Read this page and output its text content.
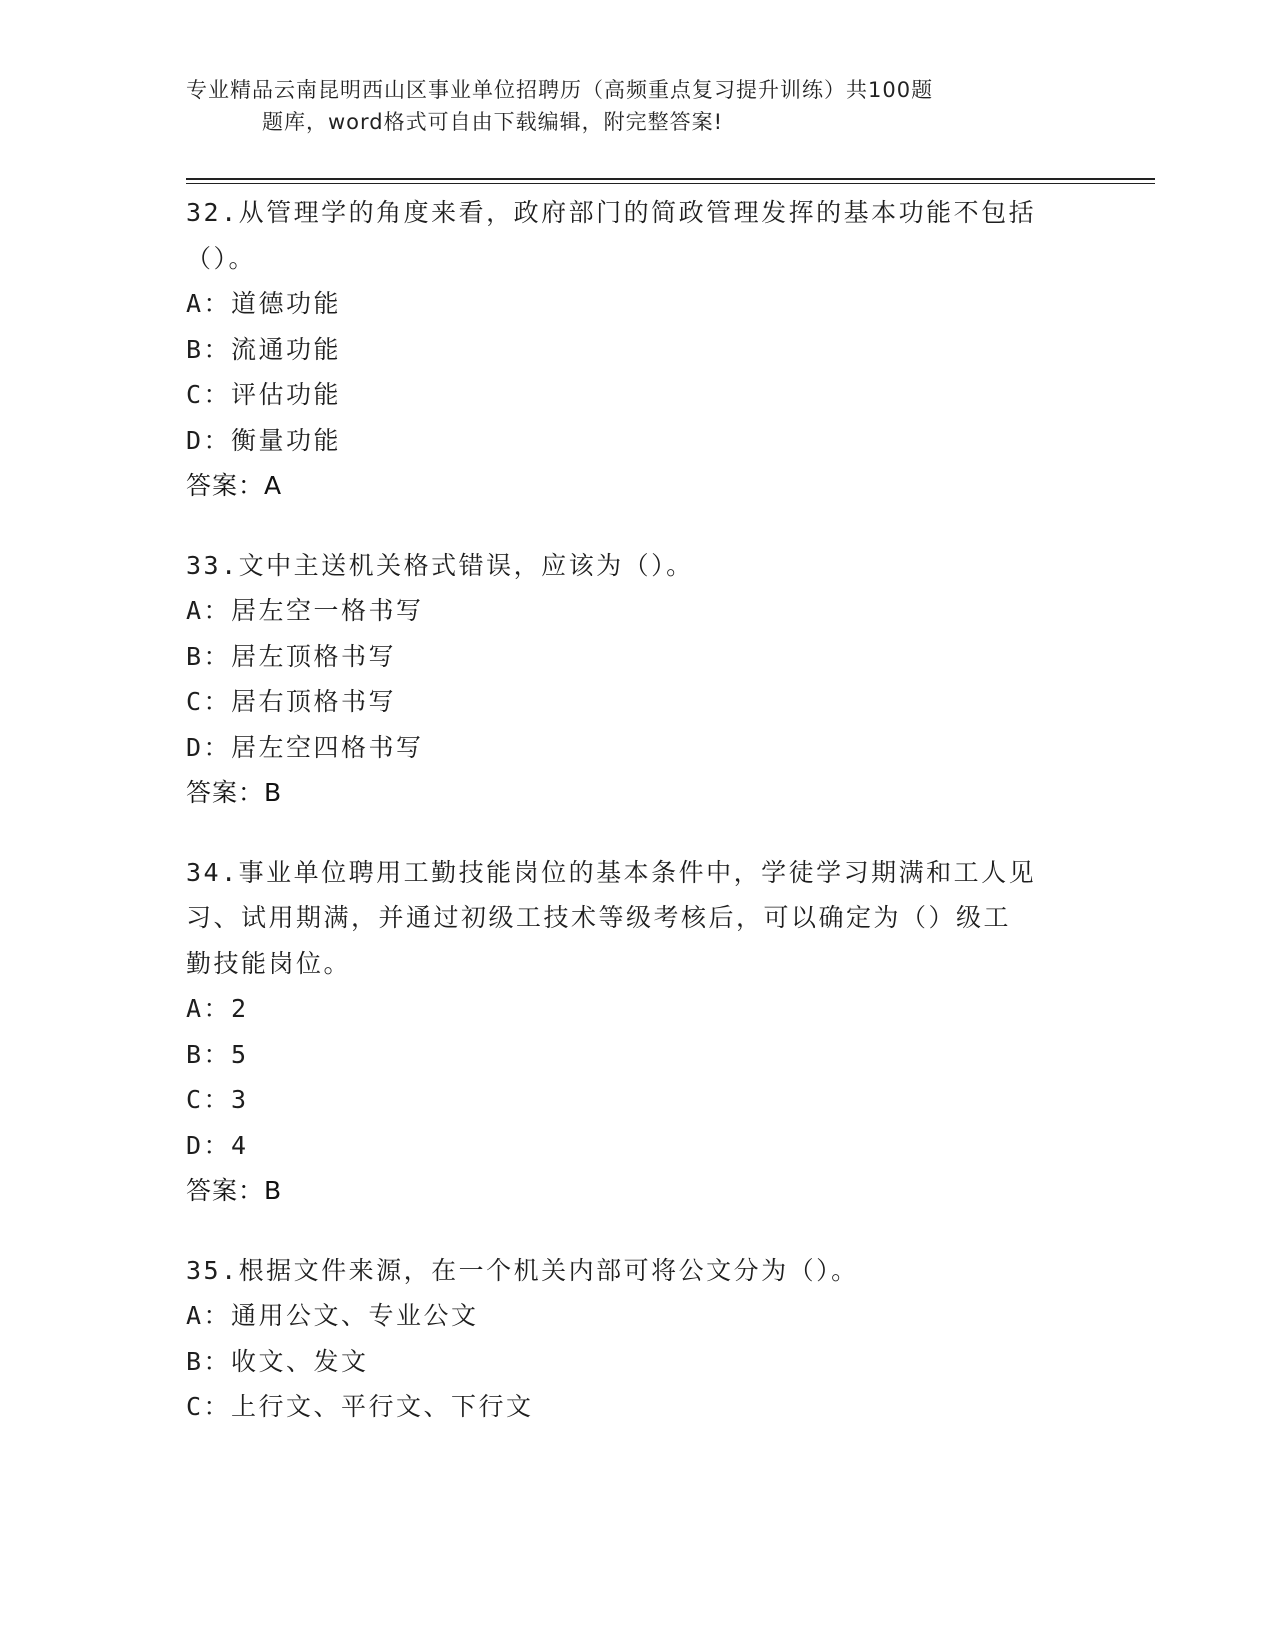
专业精品云南昆明西山区事业单位招聘历（高频重点复习提升训练）共100题
题库，word格式可自由下载编辑，附完整答案!

32.从管理学的角度来看，政府部门的简政管理发挥的基本功能不包括

（）。

A：道德功能

B：流通功能

C：评估功能

D：衡量功能

答案：A

33.文中主送机关格式错误，应该为（）。

A：居左空一格书写

B：居左顶格书写

C：居右顶格书写

D：居左空四格书写

答案：B

34.事业单位聘用工勤技能岗位的基本条件中，学徒学习期满和工人见

习、试用期满，并通过初级工技术等级考核后，可以确定为（）级工

勤技能岗位。

A：2

B：5

C：3

D：4

答案：B

35.根据文件来源，在一个机关内部可将公文分为（）。

A：通用公文、专业公文

B：收文、发文

C：上行文、平行文、下行文
